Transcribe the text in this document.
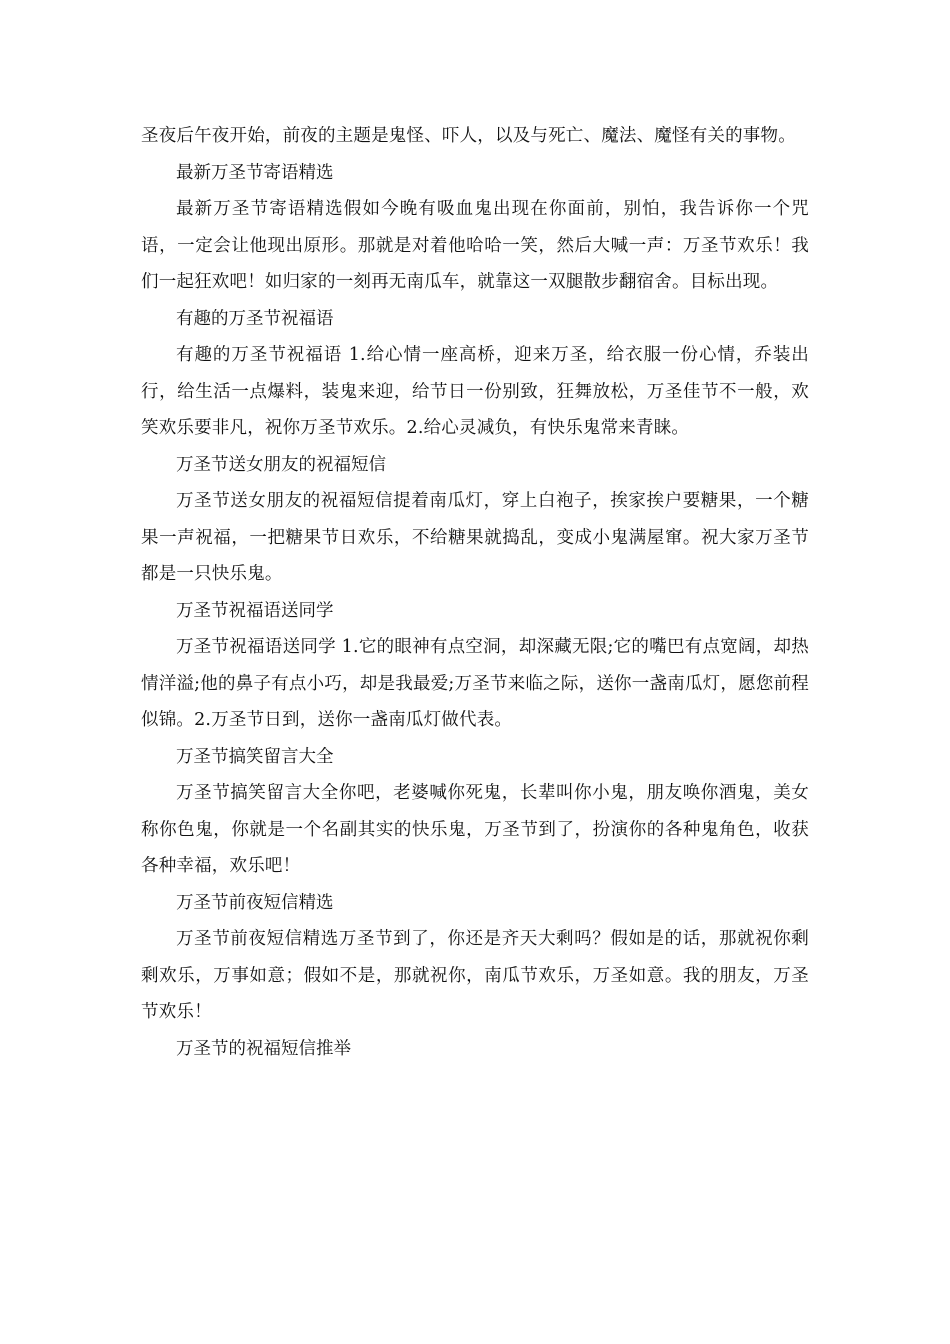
圣夜后午夜开始，前夜的主题是鬼怪、吓人，以及与死亡、魔法、魔怪有关的事物。

最新万圣节寄语精选

最新万圣节寄语精选假如今晚有吸血鬼出现在你面前，别怕，我告诉你一个咒语，一定会让他现出原形。那就是对着他哈哈一笑，然后大喊一声：万圣节欢乐！我们一起狂欢吧！如归家的一刻再无南瓜车，就靠这一双腿散步翻宿舍。目标出现。

有趣的万圣节祝福语

有趣的万圣节祝福语 1.给心情一座高桥，迎来万圣，给衣服一份心情，乔装出行，给生活一点爆料，装鬼来迎，给节日一份别致，狂舞放松，万圣佳节不一般，欢笑欢乐要非凡，祝你万圣节欢乐。2.给心灵减负，有快乐鬼常来青睐。

万圣节送女朋友的祝福短信

万圣节送女朋友的祝福短信提着南瓜灯，穿上白袍子，挨家挨户要糖果，一个糖果一声祝福，一把糖果节日欢乐，不给糖果就捣乱，变成小鬼满屋窜。祝大家万圣节都是一只快乐鬼。

万圣节祝福语送同学

万圣节祝福语送同学 1.它的眼神有点空洞，却深藏无限;它的嘴巴有点宽阔，却热情洋溢;他的鼻子有点小巧，却是我最爱;万圣节来临之际，送你一盏南瓜灯，愿您前程似锦。2.万圣节日到，送你一盏南瓜灯做代表。

万圣节搞笑留言大全

万圣节搞笑留言大全你吧，老婆喊你死鬼，长辈叫你小鬼，朋友唤你酒鬼，美女称你色鬼，你就是一个名副其实的快乐鬼，万圣节到了，扮演你的各种鬼角色，收获各种幸福，欢乐吧！

万圣节前夜短信精选

万圣节前夜短信精选万圣节到了，你还是齐天大剩吗？假如是的话，那就祝你剩剩欢乐，万事如意；假如不是，那就祝你，南瓜节欢乐，万圣如意。我的朋友，万圣节欢乐！

万圣节的祝福短信推举
